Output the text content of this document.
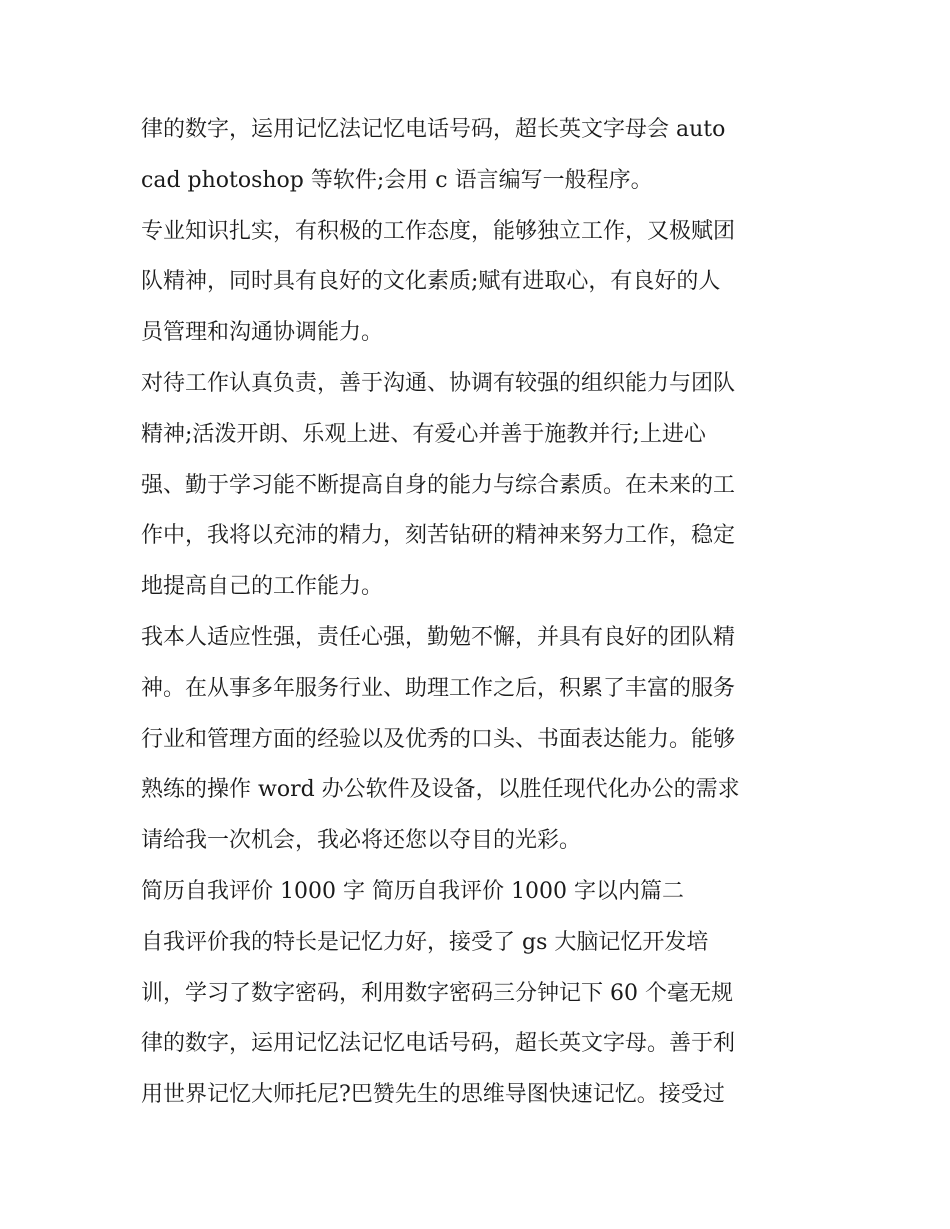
律的数字，运用记忆法记忆电话号码，超长英文字母会 auto
cad photoshop 等软件;会用 c 语言编写一般程序。
专业知识扎实，有积极的工作态度，能够独立工作，又极赋团
队精神，同时具有良好的文化素质;赋有进取心，有良好的人
员管理和沟通协调能力。
对待工作认真负责，善于沟通、协调有较强的组织能力与团队
精神;活泼开朗、乐观上进、有爱心并善于施教并行;上进心
强、勤于学习能不断提高自身的能力与综合素质。在未来的工
作中，我将以充沛的精力，刻苦钻研的精神来努力工作，稳定
地提高自己的工作能力。
我本人适应性强，责任心强，勤勉不懈，并具有良好的团队精
神。在从事多年服务行业、助理工作之后，积累了丰富的服务
行业和管理方面的经验以及优秀的口头、书面表达能力。能够
熟练的操作 word 办公软件及设备，以胜任现代化办公的需求
请给我一次机会，我必将还您以夺目的光彩。
简历自我评价 1000 字 简历自我评价 1000 字以内篇二
自我评价我的特长是记忆力好，接受了 gs 大脑记忆开发培
训，学习了数字密码，利用数字密码三分钟记下 60 个毫无规
律的数字，运用记忆法记忆电话号码，超长英文字母。善于利
用世界记忆大师托尼?巴赞先生的思维导图快速记忆。接受过
